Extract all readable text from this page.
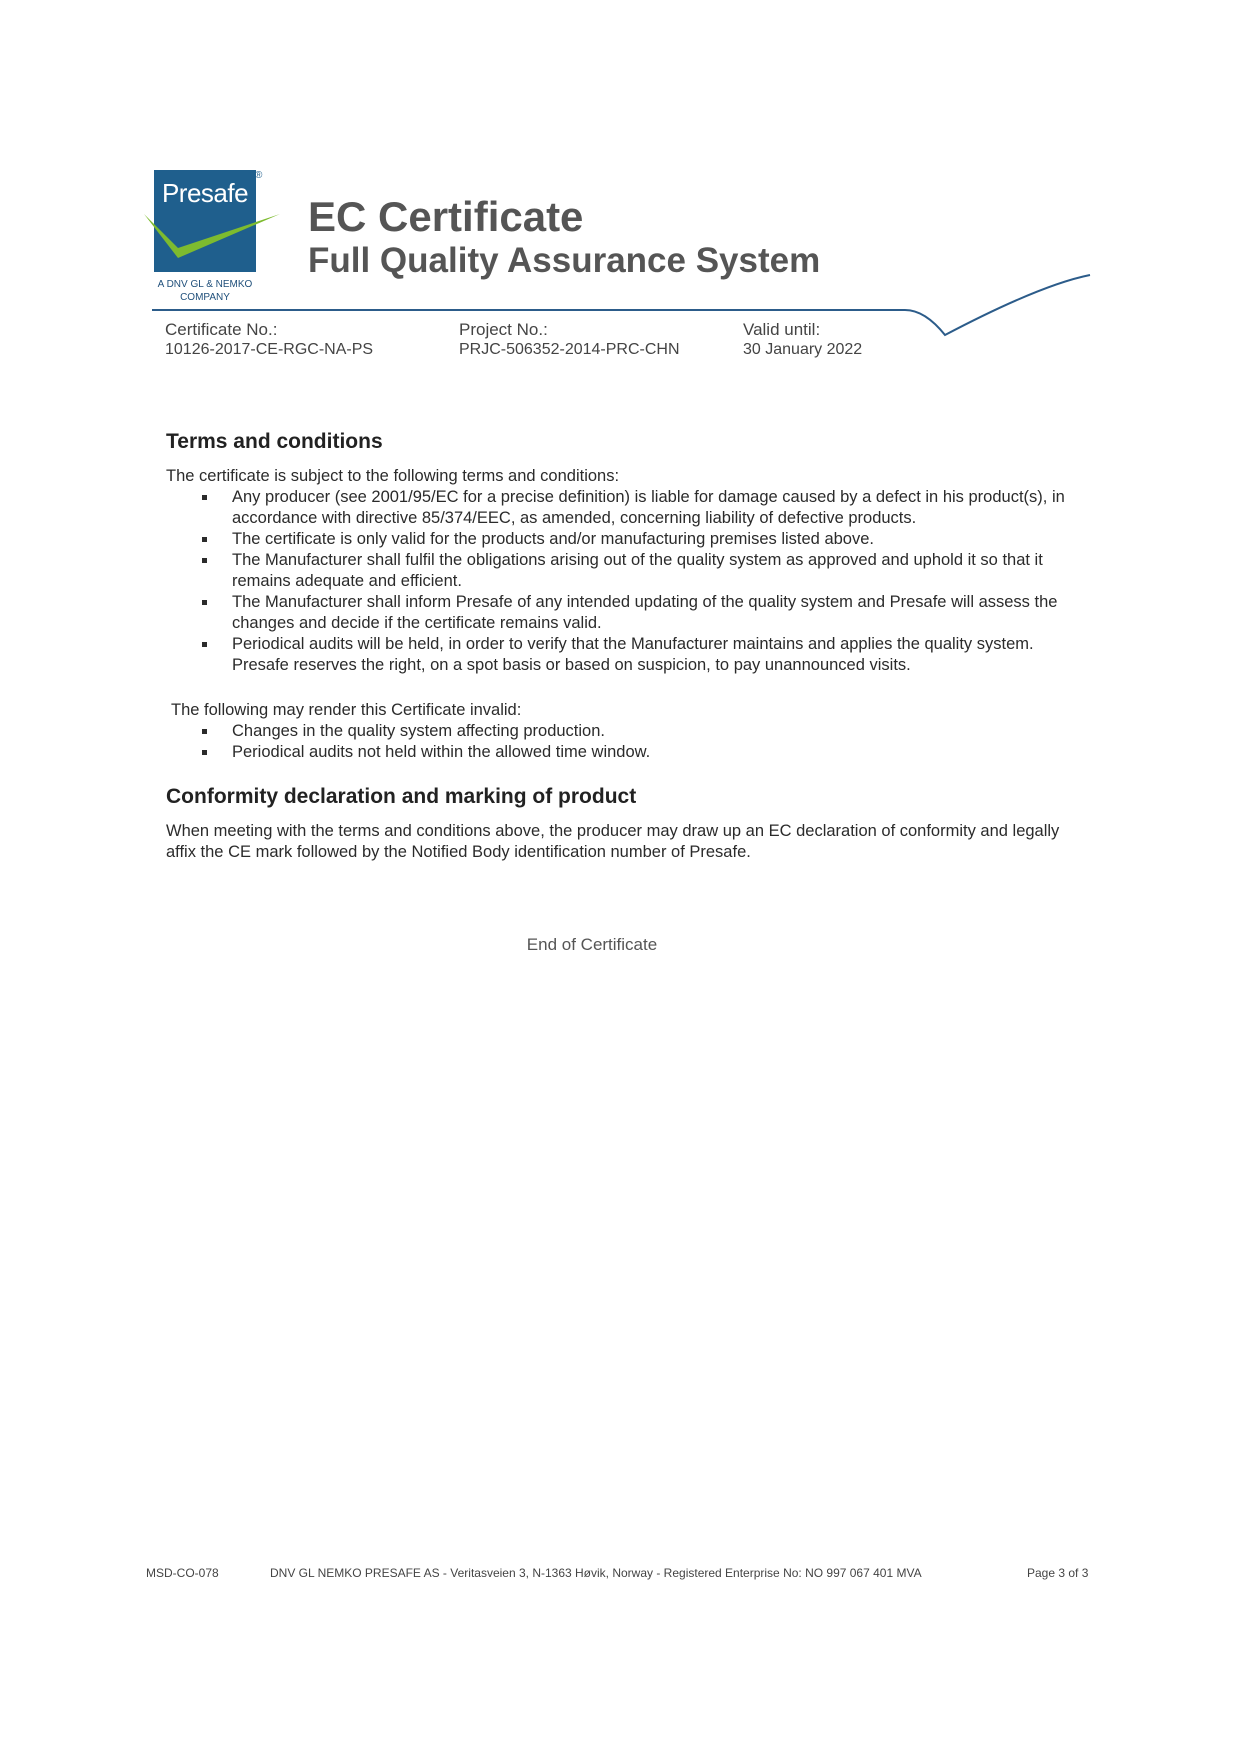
Presafe
®
A DNV GL & NEMKO COMPANY
EC Certificate
Full Quality Assurance System
Certificate No.:
10126-2017-CE-RGC-NA-PS
Project No.:
PRJC-506352-2014-PRC-CHN
Valid until:
30 January 2022
Terms and conditions
The certificate is subject to the following terms and conditions:
Any producer (see 2001/95/EC for a precise definition) is liable for damage caused by a defect in his product(s), in accordance with directive 85/374/EEC, as amended, concerning liability of defective products.
The certificate is only valid for the products and/or manufacturing premises listed above.
The Manufacturer shall fulfil the obligations arising out of the quality system as approved and uphold it so that it remains adequate and efficient.
The Manufacturer shall inform Presafe of any intended updating of the quality system and Presafe will assess the changes and decide if the certificate remains valid.
Periodical audits will be held, in order to verify that the Manufacturer maintains and applies the quality system. Presafe reserves the right, on a spot basis or based on suspicion, to pay unannounced visits.
The following may render this Certificate invalid:
Changes in the quality system affecting production.
Periodical audits not held within the allowed time window.
Conformity declaration and marking of product
When meeting with the terms and conditions above, the producer may draw up an EC declaration of conformity and legally affix the CE mark followed by the Notified Body identification number of Presafe.
End of Certificate
MSD-CO-078	DNV GL NEMKO PRESAFE AS - Veritasveien 3, N-1363 Høvik, Norway - Registered Enterprise No: NO 997 067 401 MVA	Page 3 of 3
